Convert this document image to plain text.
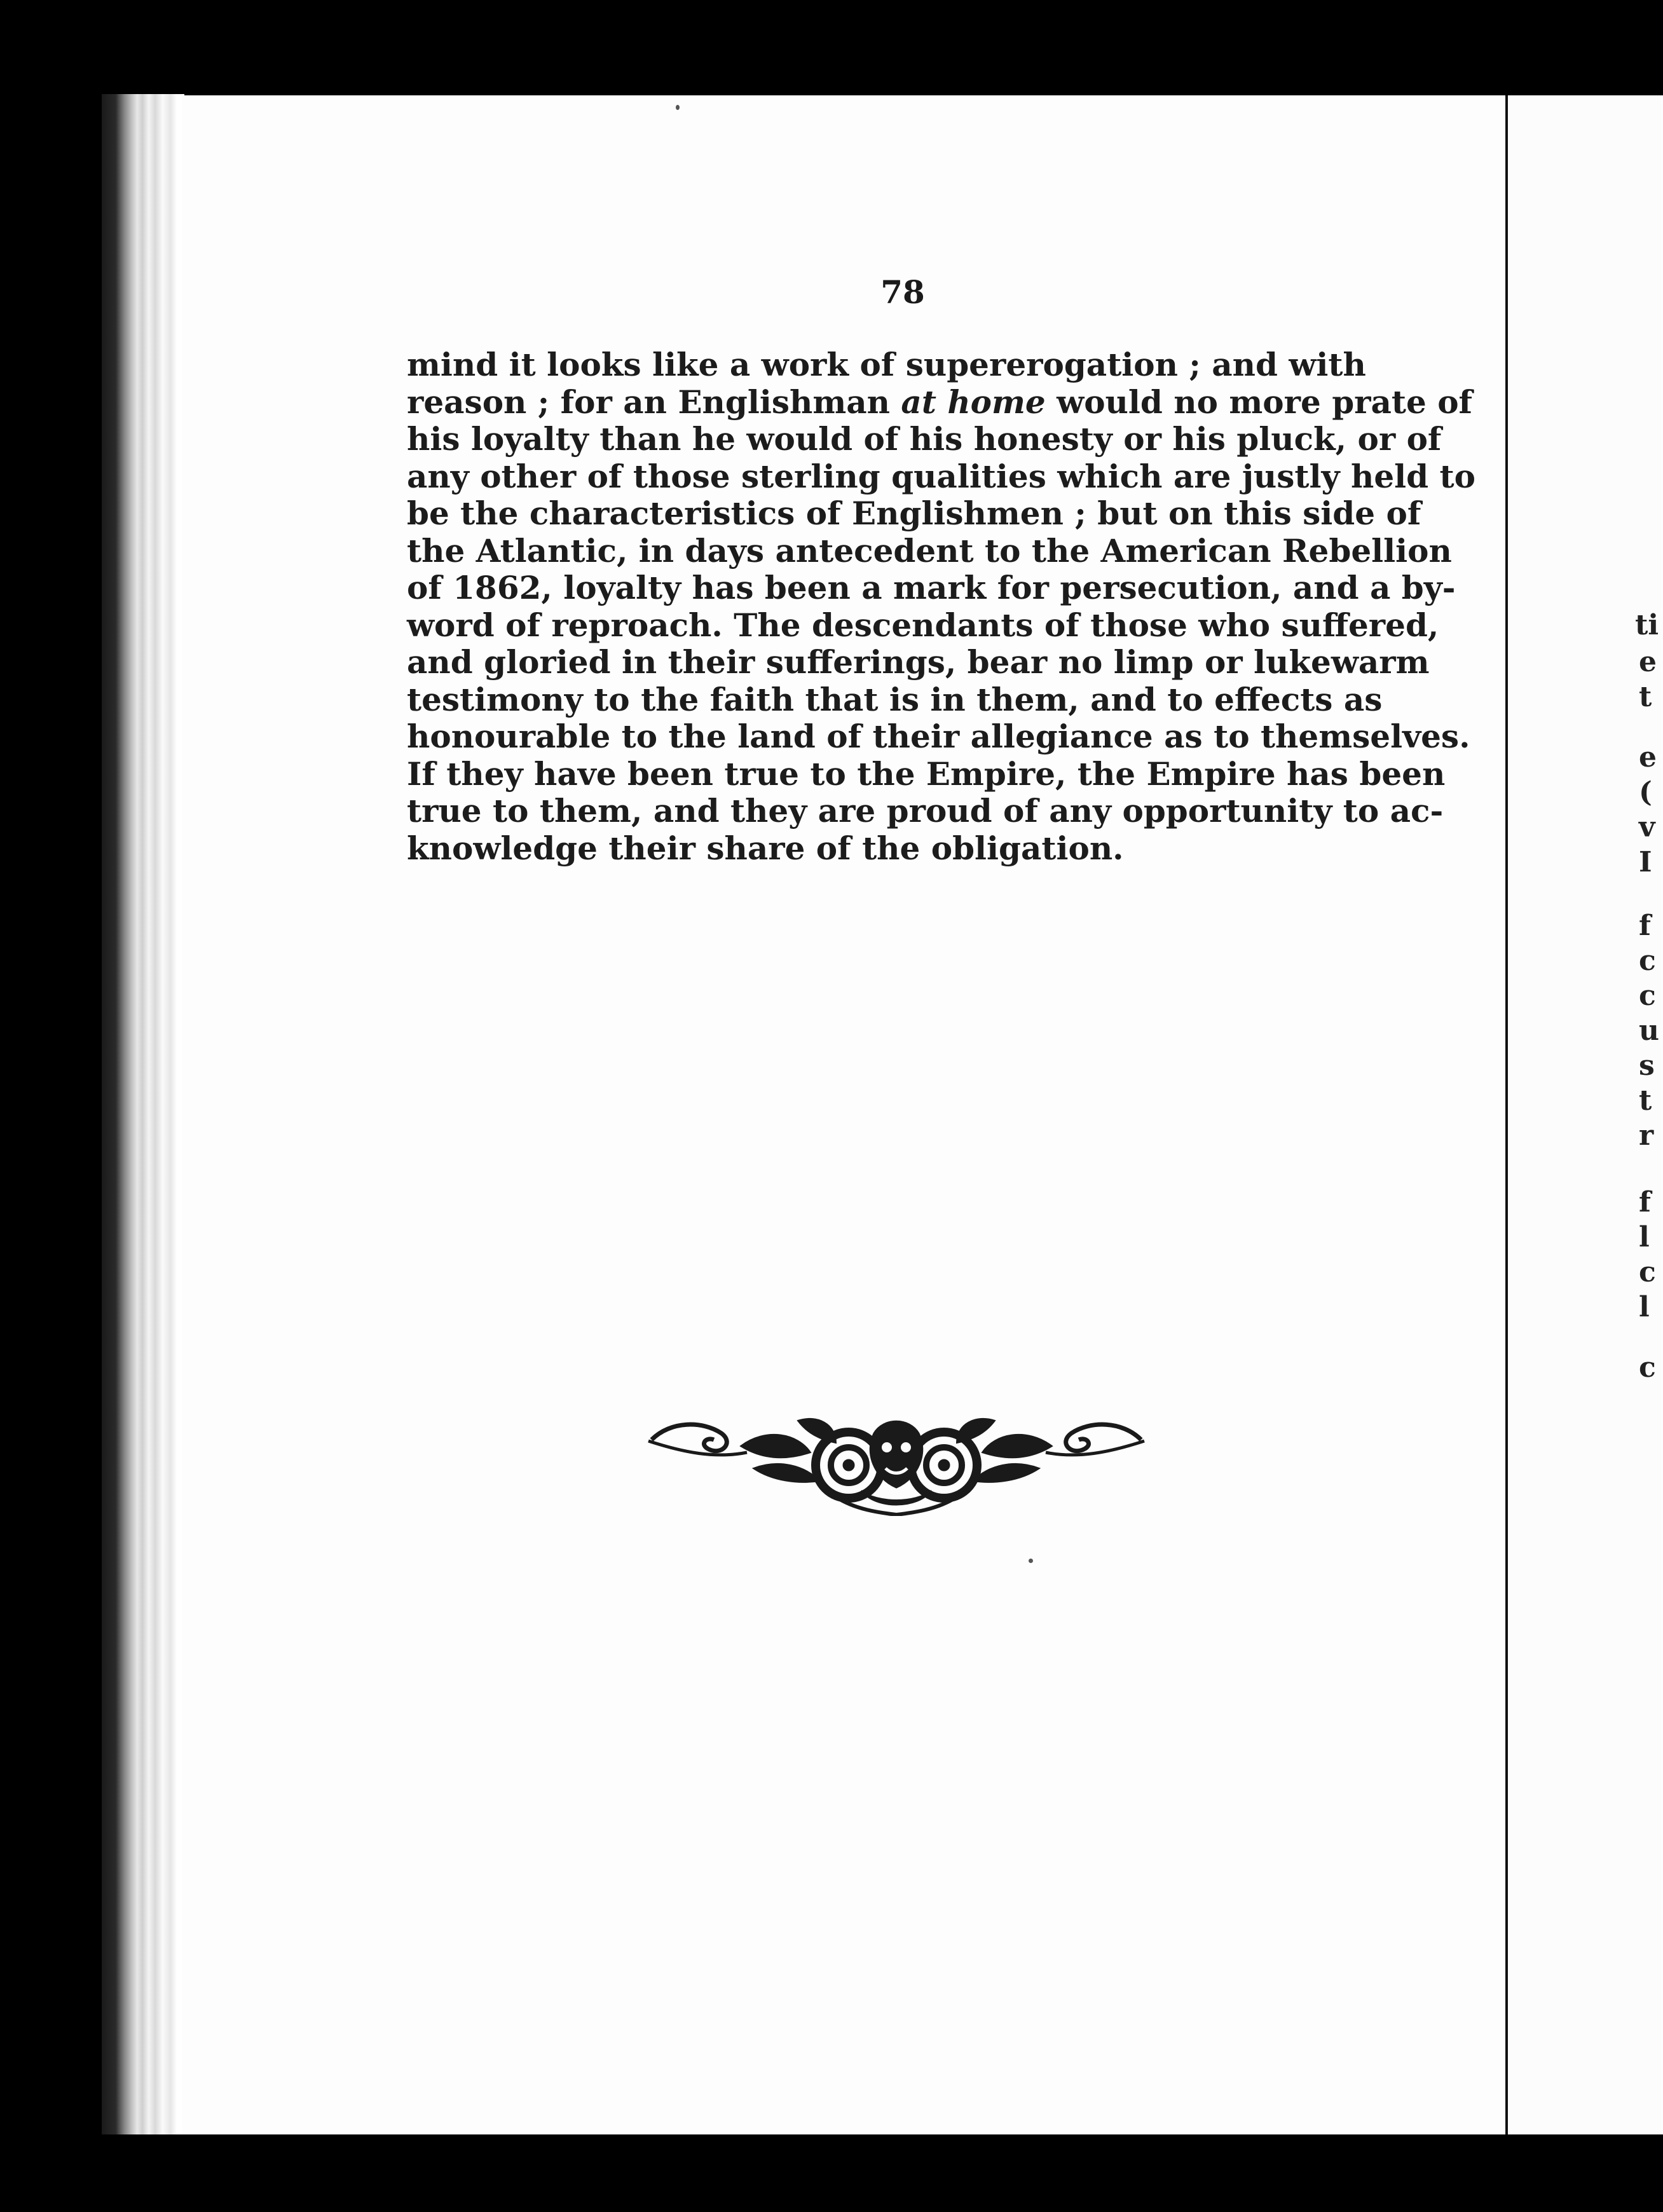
78
mind it looks like a work of supererogation ; and with
reason ; for an Englishman at home would no more prate of
his loyalty than he would of his honesty or his pluck, or of
any other of those sterling qualities which are justly held to
be the characteristics of Englishmen ; but on this side of
the Atlantic, in days antecedent to the American Rebellion
of 1862, loyalty has been a mark for persecution, and a by-
word of reproach. The descendants of those who suffered,
and gloried in their sufferings, bear no limp or lukewarm
testimony to the faith that is in them, and to effects as
honourable to the land of their allegiance as to themselves.
If they have been true to the Empire, the Empire has been
true to them, and they are proud of any opportunity to ac-
knowledge their share of the obligation.
ti
e
t
e
(
v
I
f
c
c
u
s
t
r
f
l
c
l
c
